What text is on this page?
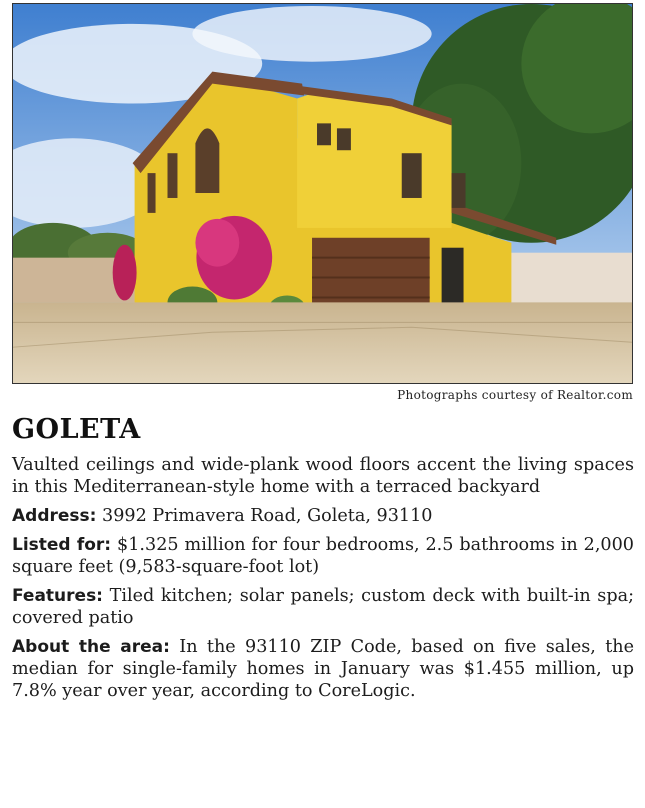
Photographs courtesy of Realtor.com
GOLETA

Vaulted ceilings and wide-plank wood floors accent the living spaces in this Mediterranean-style home with a terraced backyard

Address: 3992 Primavera Road, Goleta, 93110

Listed for: $1.325 million for four bedrooms, 2.5 bathrooms in 2,000 square feet (9,583-square-foot lot)

Features: Tiled kitchen; solar panels; custom deck with built-in spa; covered patio

About the area: In the 93110 ZIP Code, based on five sales, the median for single-family homes in January was $1.455 million, up 7.8% year over year, according to CoreLogic.
